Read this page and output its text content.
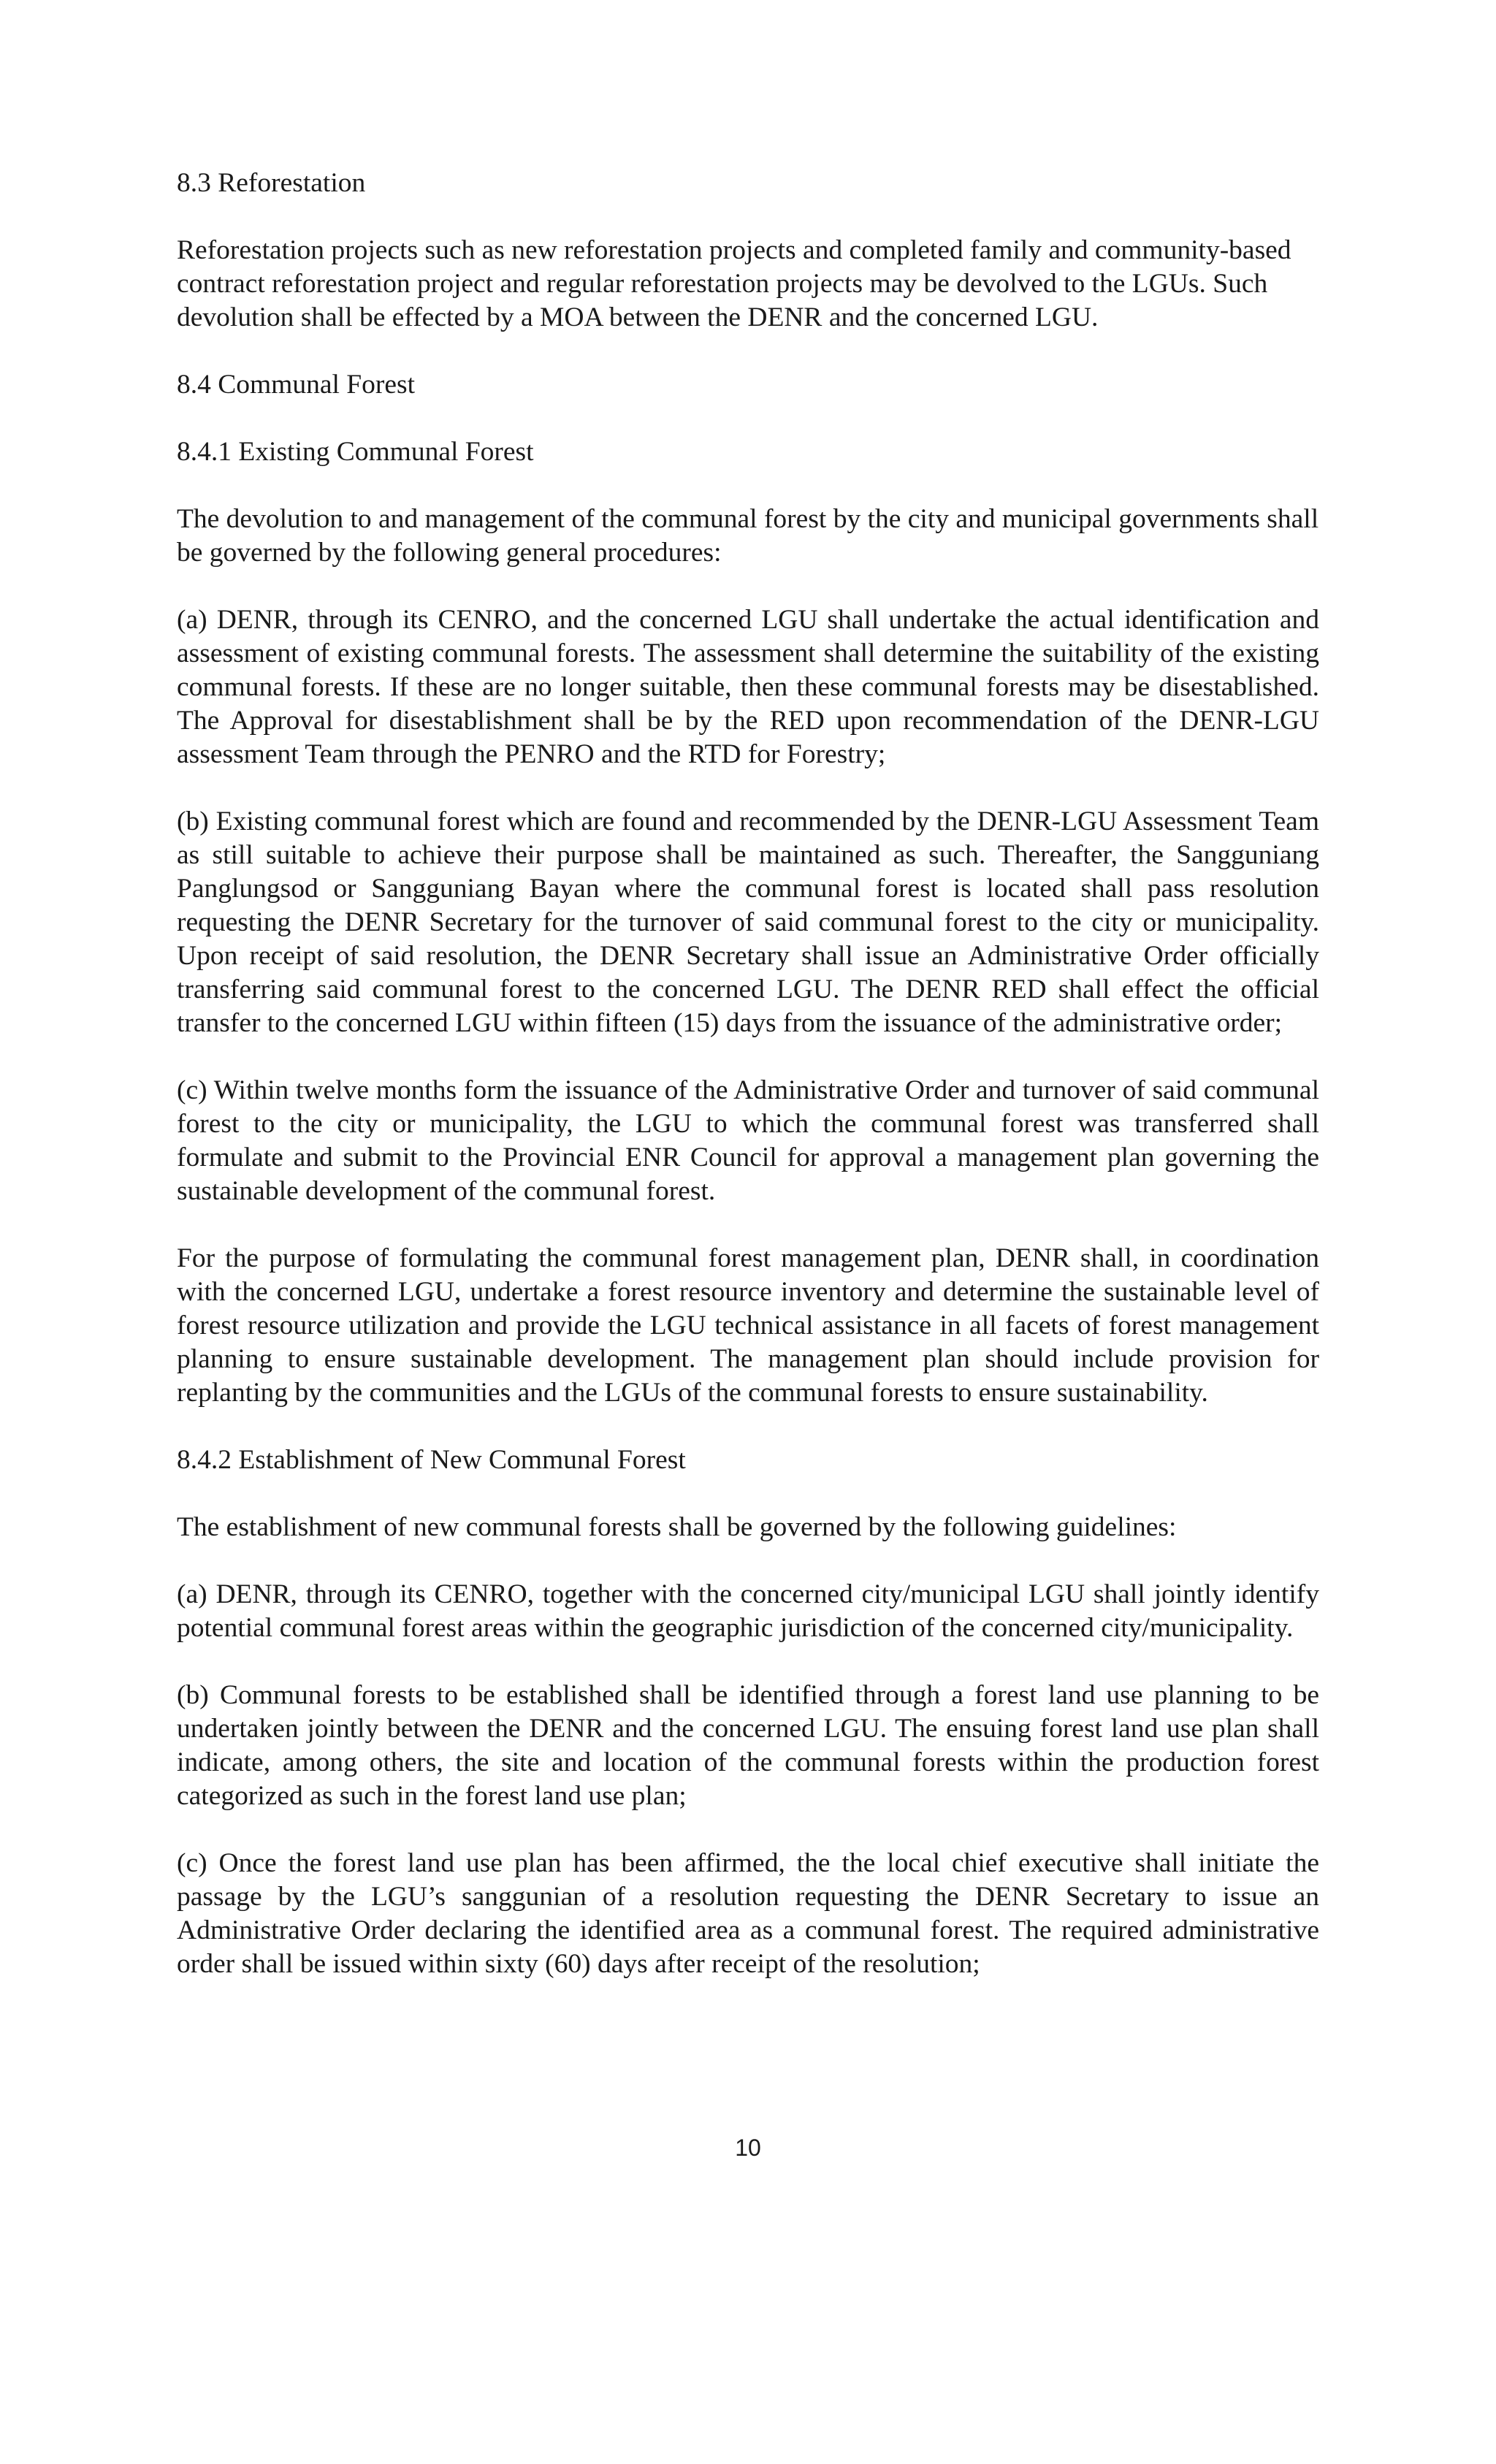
8.3 Reforestation

Reforestation projects such as new reforestation projects and completed family and community-based contract reforestation project and regular reforestation projects may be devolved to the LGUs. Such devolution shall be effected by a MOA between the DENR and the concerned LGU.

8.4 Communal Forest

8.4.1 Existing Communal Forest

The devolution to and management of the communal forest by the city and municipal governments shall be governed by the following general procedures:

(a) DENR, through its CENRO, and the concerned LGU shall undertake the actual identification and assessment of existing communal forests. The assessment shall determine the suitability of the existing communal forests. If these are no longer suitable, then these communal forests may be disestablished. The Approval for disestablishment shall be by the RED upon recommendation of the DENR-LGU assessment Team through the PENRO and the RTD for Forestry;

(b) Existing communal forest which are found and recommended by the DENR-LGU Assessment Team as still suitable to achieve their purpose shall be maintained as such. Thereafter, the Sangguniang Panglungsod or Sangguniang Bayan where the communal forest is located shall pass resolution requesting the DENR Secretary for the turnover of said communal forest to the city or municipality. Upon receipt of said resolution, the DENR Secretary shall issue an Administrative Order officially transferring said communal forest to the concerned LGU. The DENR RED shall effect the official transfer to the concerned LGU within fifteen (15) days from the issuance of the administrative order;

(c) Within twelve months form the issuance of the Administrative Order and turnover of said communal forest to the city or municipality, the LGU to which the communal forest was transferred shall formulate and submit to the Provincial ENR Council for approval a management plan governing the sustainable development of the communal forest.

For the purpose of formulating the communal forest management plan, DENR shall, in coordination with the concerned LGU, undertake a forest resource inventory and determine the sustainable level of forest resource utilization and provide the LGU technical assistance in all facets of forest management planning to ensure sustainable development. The management plan should include provision for replanting by the communities and the LGUs of the communal forests to ensure sustainability.

8.4.2 Establishment of New Communal Forest

The establishment of new communal forests shall be governed by the following guidelines:

(a) DENR, through its CENRO, together with the concerned city/municipal LGU shall jointly identify potential communal forest areas within the geographic jurisdiction of the concerned city/municipality.

(b) Communal forests to be established shall be identified through a forest land use planning to be undertaken jointly between the DENR and the concerned LGU. The ensuing forest land use plan shall indicate, among others, the site and location of the communal forests within the production forest categorized as such in the forest land use plan;

(c) Once the forest land use plan has been affirmed, the the local chief executive shall initiate the passage by the LGU’s sanggunian of a resolution requesting the DENR Secretary to issue an Administrative Order declaring the identified area as a communal forest. The required administrative order shall be issued within sixty (60) days after receipt of the resolution;

10
